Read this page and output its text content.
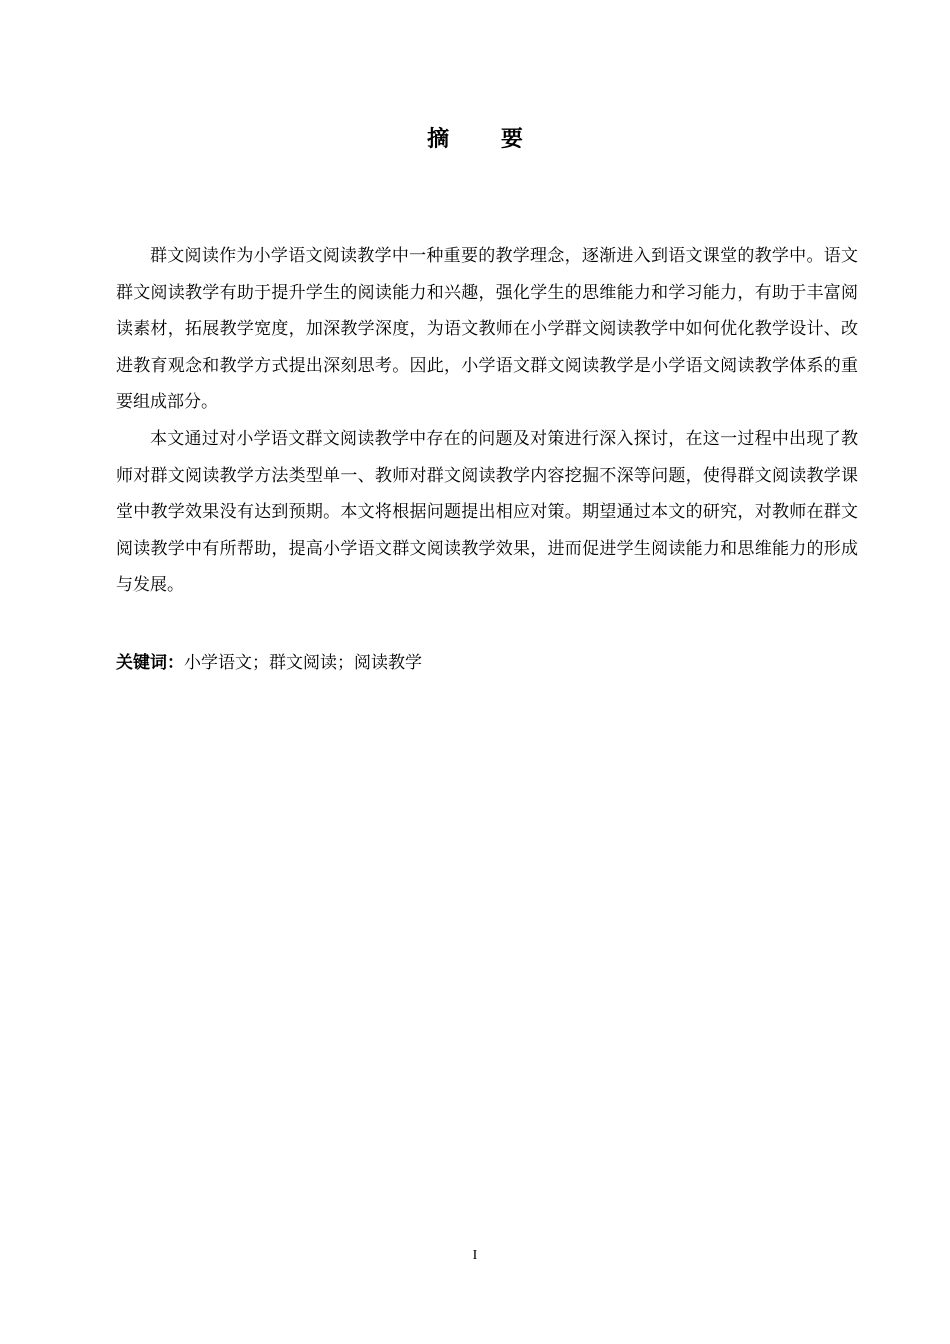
摘 要

群文阅读作为小学语文阅读教学中一种重要的教学理念，逐渐进入到语文课堂的教学中。语文群文阅读教学有助于提升学生的阅读能力和兴趣，强化学生的思维能力和学习能力，有助于丰富阅读素材，拓展教学宽度，加深教学深度，为语文教师在小学群文阅读教学中如何优化教学设计、改进教育观念和教学方式提出深刻思考。因此，小学语文群文阅读教学是小学语文阅读教学体系的重要组成部分。

本文通过对小学语文群文阅读教学中存在的问题及对策进行深入探讨，在这一过程中出现了教师对群文阅读教学方法类型单一、教师对群文阅读教学内容挖掘不深等问题，使得群文阅读教学课堂中教学效果没有达到预期。本文将根据问题提出相应对策。期望通过本文的研究，对教师在群文阅读教学中有所帮助，提高小学语文群文阅读教学效果，进而促进学生阅读能力和思维能力的形成与发展。

关键词：小学语文；群文阅读；阅读教学
I
